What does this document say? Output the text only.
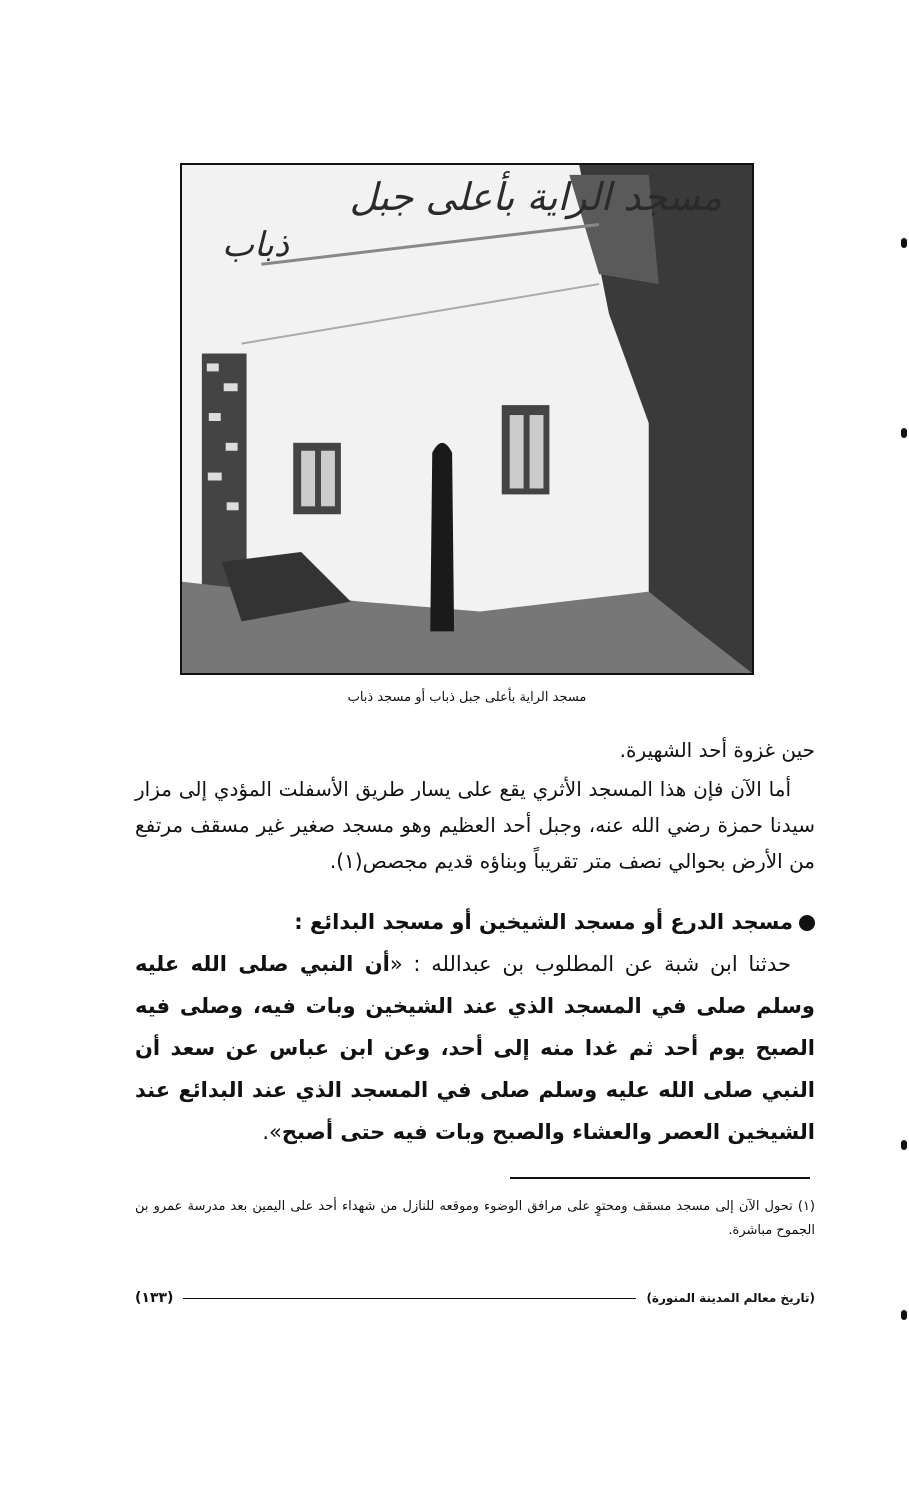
مسجد الراية بأعلى جبل
ذباب
مسجد الراية بأعلى جبل ذباب أو مسجد ذباب
حين غزوة أحد الشهيرة.
أما الآن فإن هذا المسجد الأثري يقع على يسار طريق الأسفلت المؤدي إلى مزار سيدنا حمزة رضي الله عنه، وجبل أحد العظيم وهو مسجد صغير غير مسقف مرتفع من الأرض بحوالي نصف متر تقريباً وبناؤه قديم مجصص(١).
مسجد الدرع أو مسجد الشيخين أو مسجد البدائع :
حدثنا ابن شبة عن المطلوب بن عبدالله : «أن النبي صلى الله عليه وسلم صلى في المسجد الذي عند الشيخين وبات فيه، وصلى فيه الصبح يوم أحد ثم غدا منه إلى أحد، وعن ابن عباس عن سعد أن النبي صلى الله عليه وسلم صلى في المسجد الذي عند البدائع عند الشيخين العصر والعشاء والصبح وبات فيه حتى أصبح».
(١) تحول الآن إلى مسجد مسقف ومحتوٍ على مرافق الوضوء وموقعه للنازل من شهداء أحد على اليمين بعد مدرسة عمرو بن الجموح مباشرة.
(تاريخ معالم المدينة المنورة)
(١٣٣)
